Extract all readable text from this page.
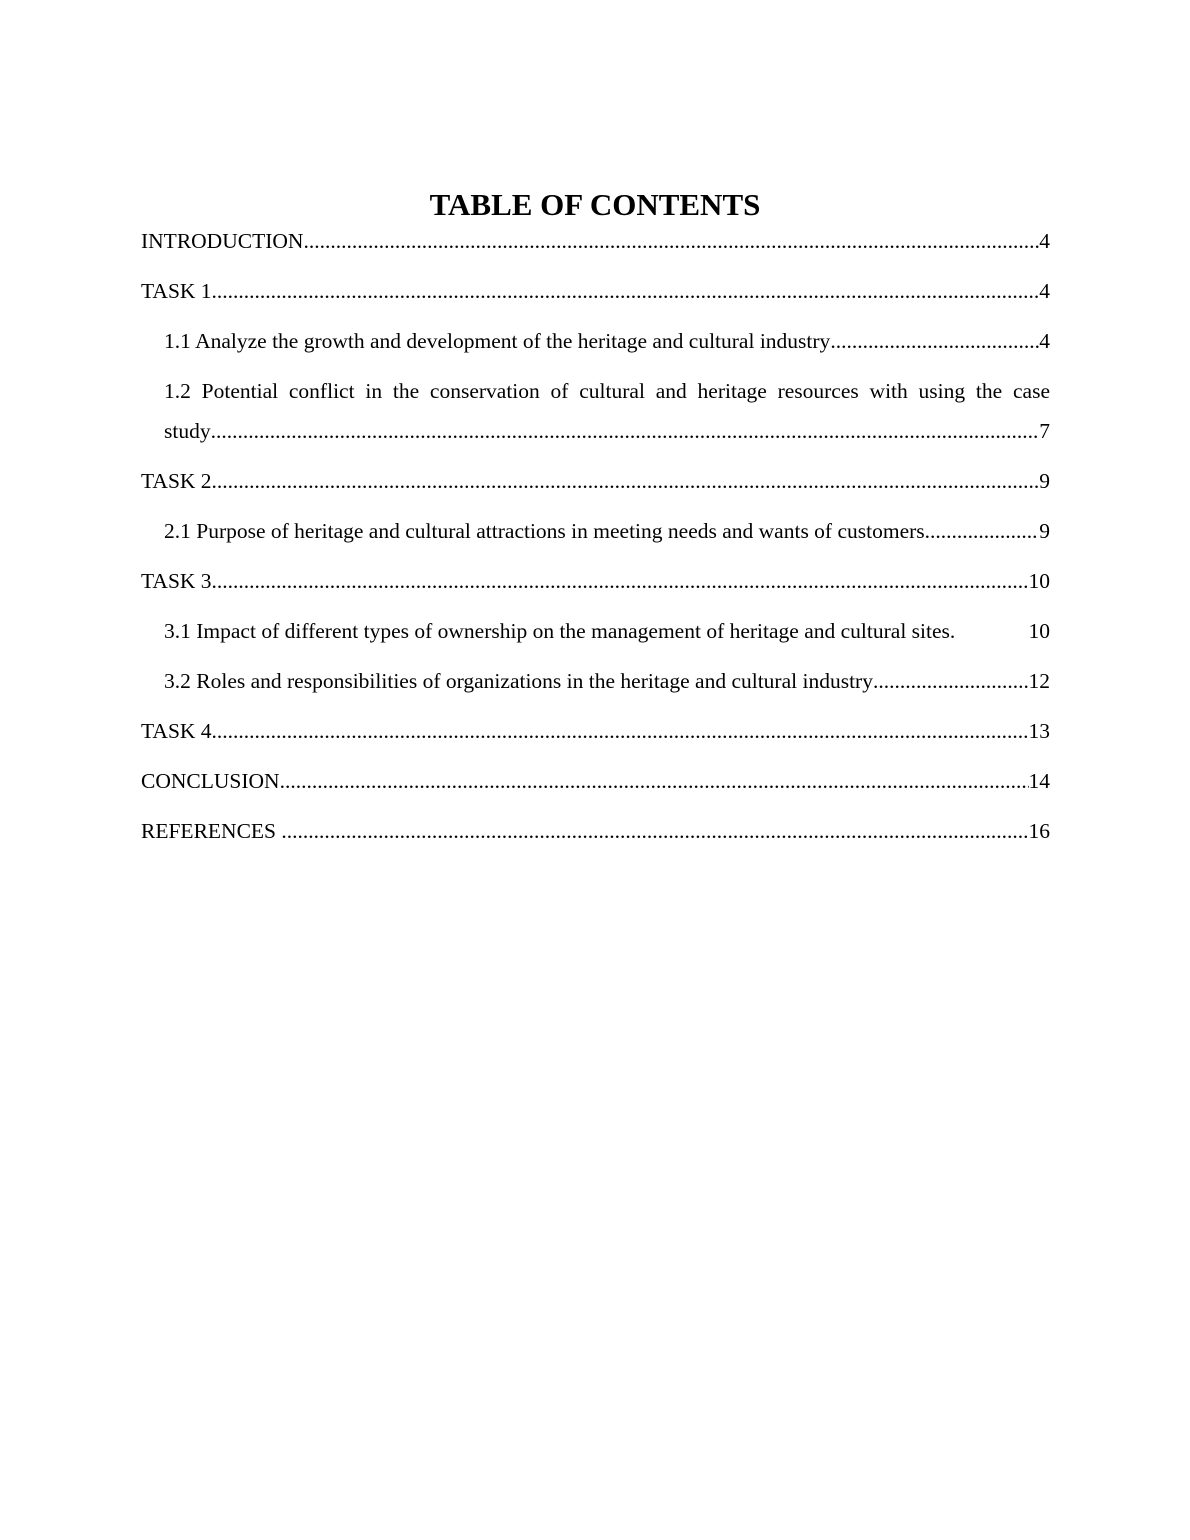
TABLE OF CONTENTS
INTRODUCTION .....	4
TASK 1 .....	4
1.1 Analyze the growth and development of the heritage and cultural industry .....	4
1.2 Potential conflict in the conservation of cultural and heritage resources with using the case
study .....	7
TASK 2 .....	9
2.1 Purpose of heritage and cultural attractions in meeting needs and wants of customers .....	9
TASK 3 .....	10
3.1 Impact of different types of ownership on the management of heritage and cultural sites.	10
3.2 Roles and responsibilities of organizations in the heritage and cultural industry .....	12
TASK 4 .....	13
CONCLUSION .....	14
REFERENCES .....	16
